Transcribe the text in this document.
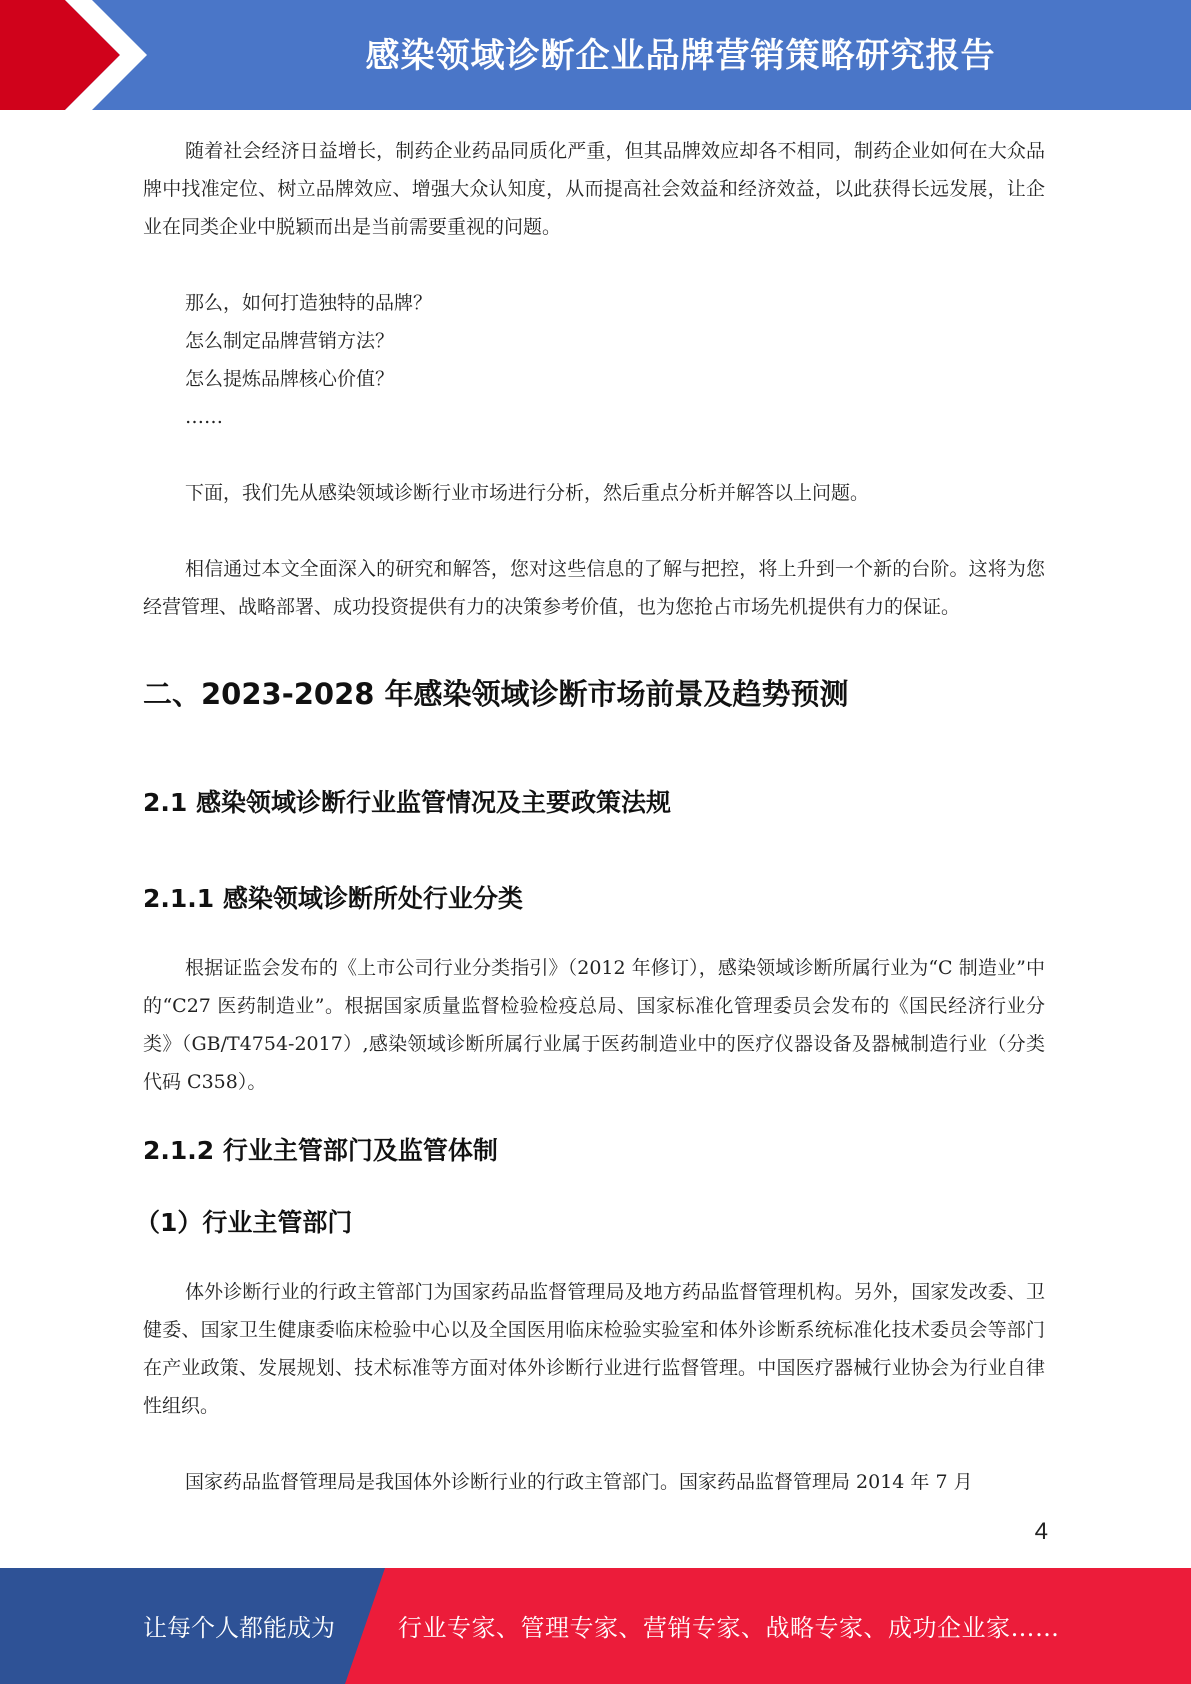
感染领域诊断企业品牌营销策略研究报告

随着社会经济日益增长，制药企业药品同质化严重，但其品牌效应却各不相同，制药企业如何在大众品牌中找准定位、树立品牌效应、增强大众认知度，从而提高社会效益和经济效益，以此获得长远发展，让企业在同类企业中脱颖而出是当前需要重视的问题。

那么，如何打造独特的品牌？

怎么制定品牌营销方法？

怎么提炼品牌核心价值？

……

下面，我们先从感染领域诊断行业市场进行分析，然后重点分析并解答以上问题。

相信通过本文全面深入的研究和解答，您对这些信息的了解与把控，将上升到一个新的台阶。这将为您经营管理、战略部署、成功投资提供有力的决策参考价值，也为您抢占市场先机提供有力的保证。

二、2023-2028 年感染领域诊断市场前景及趋势预测
2.1 感染领域诊断行业监管情况及主要政策法规
2.1.1 感染领域诊断所处行业分类

根据证监会发布的《上市公司行业分类指引》（2012 年修订），感染领域诊断所属行业为“C 制造业”中的“C27 医药制造业”。根据国家质量监督检验检疫总局、国家标准化管理委员会发布的《国民经济行业分类》（GB/T4754-2017）,感染领域诊断所属行业属于医药制造业中的医疗仪器设备及器械制造行业（分类代码 C358）。

2.1.2 行业主管部门及监管体制
（1）行业主管部门

体外诊断行业的行政主管部门为国家药品监督管理局及地方药品监督管理机构。另外，国家发改委、卫健委、国家卫生健康委临床检验中心以及全国医用临床检验实验室和体外诊断系统标准化技术委员会等部门在产业政策、发展规划、技术标准等方面对体外诊断行业进行监督管理。中国医疗器械行业协会为行业自律性组织。

国家药品监督管理局是我国体外诊断行业的行政主管部门。国家药品监督管理局 2014 年 7 月

4
让每个人都能成为	行业专家、管理专家、营销专家、战略专家、成功企业家……
